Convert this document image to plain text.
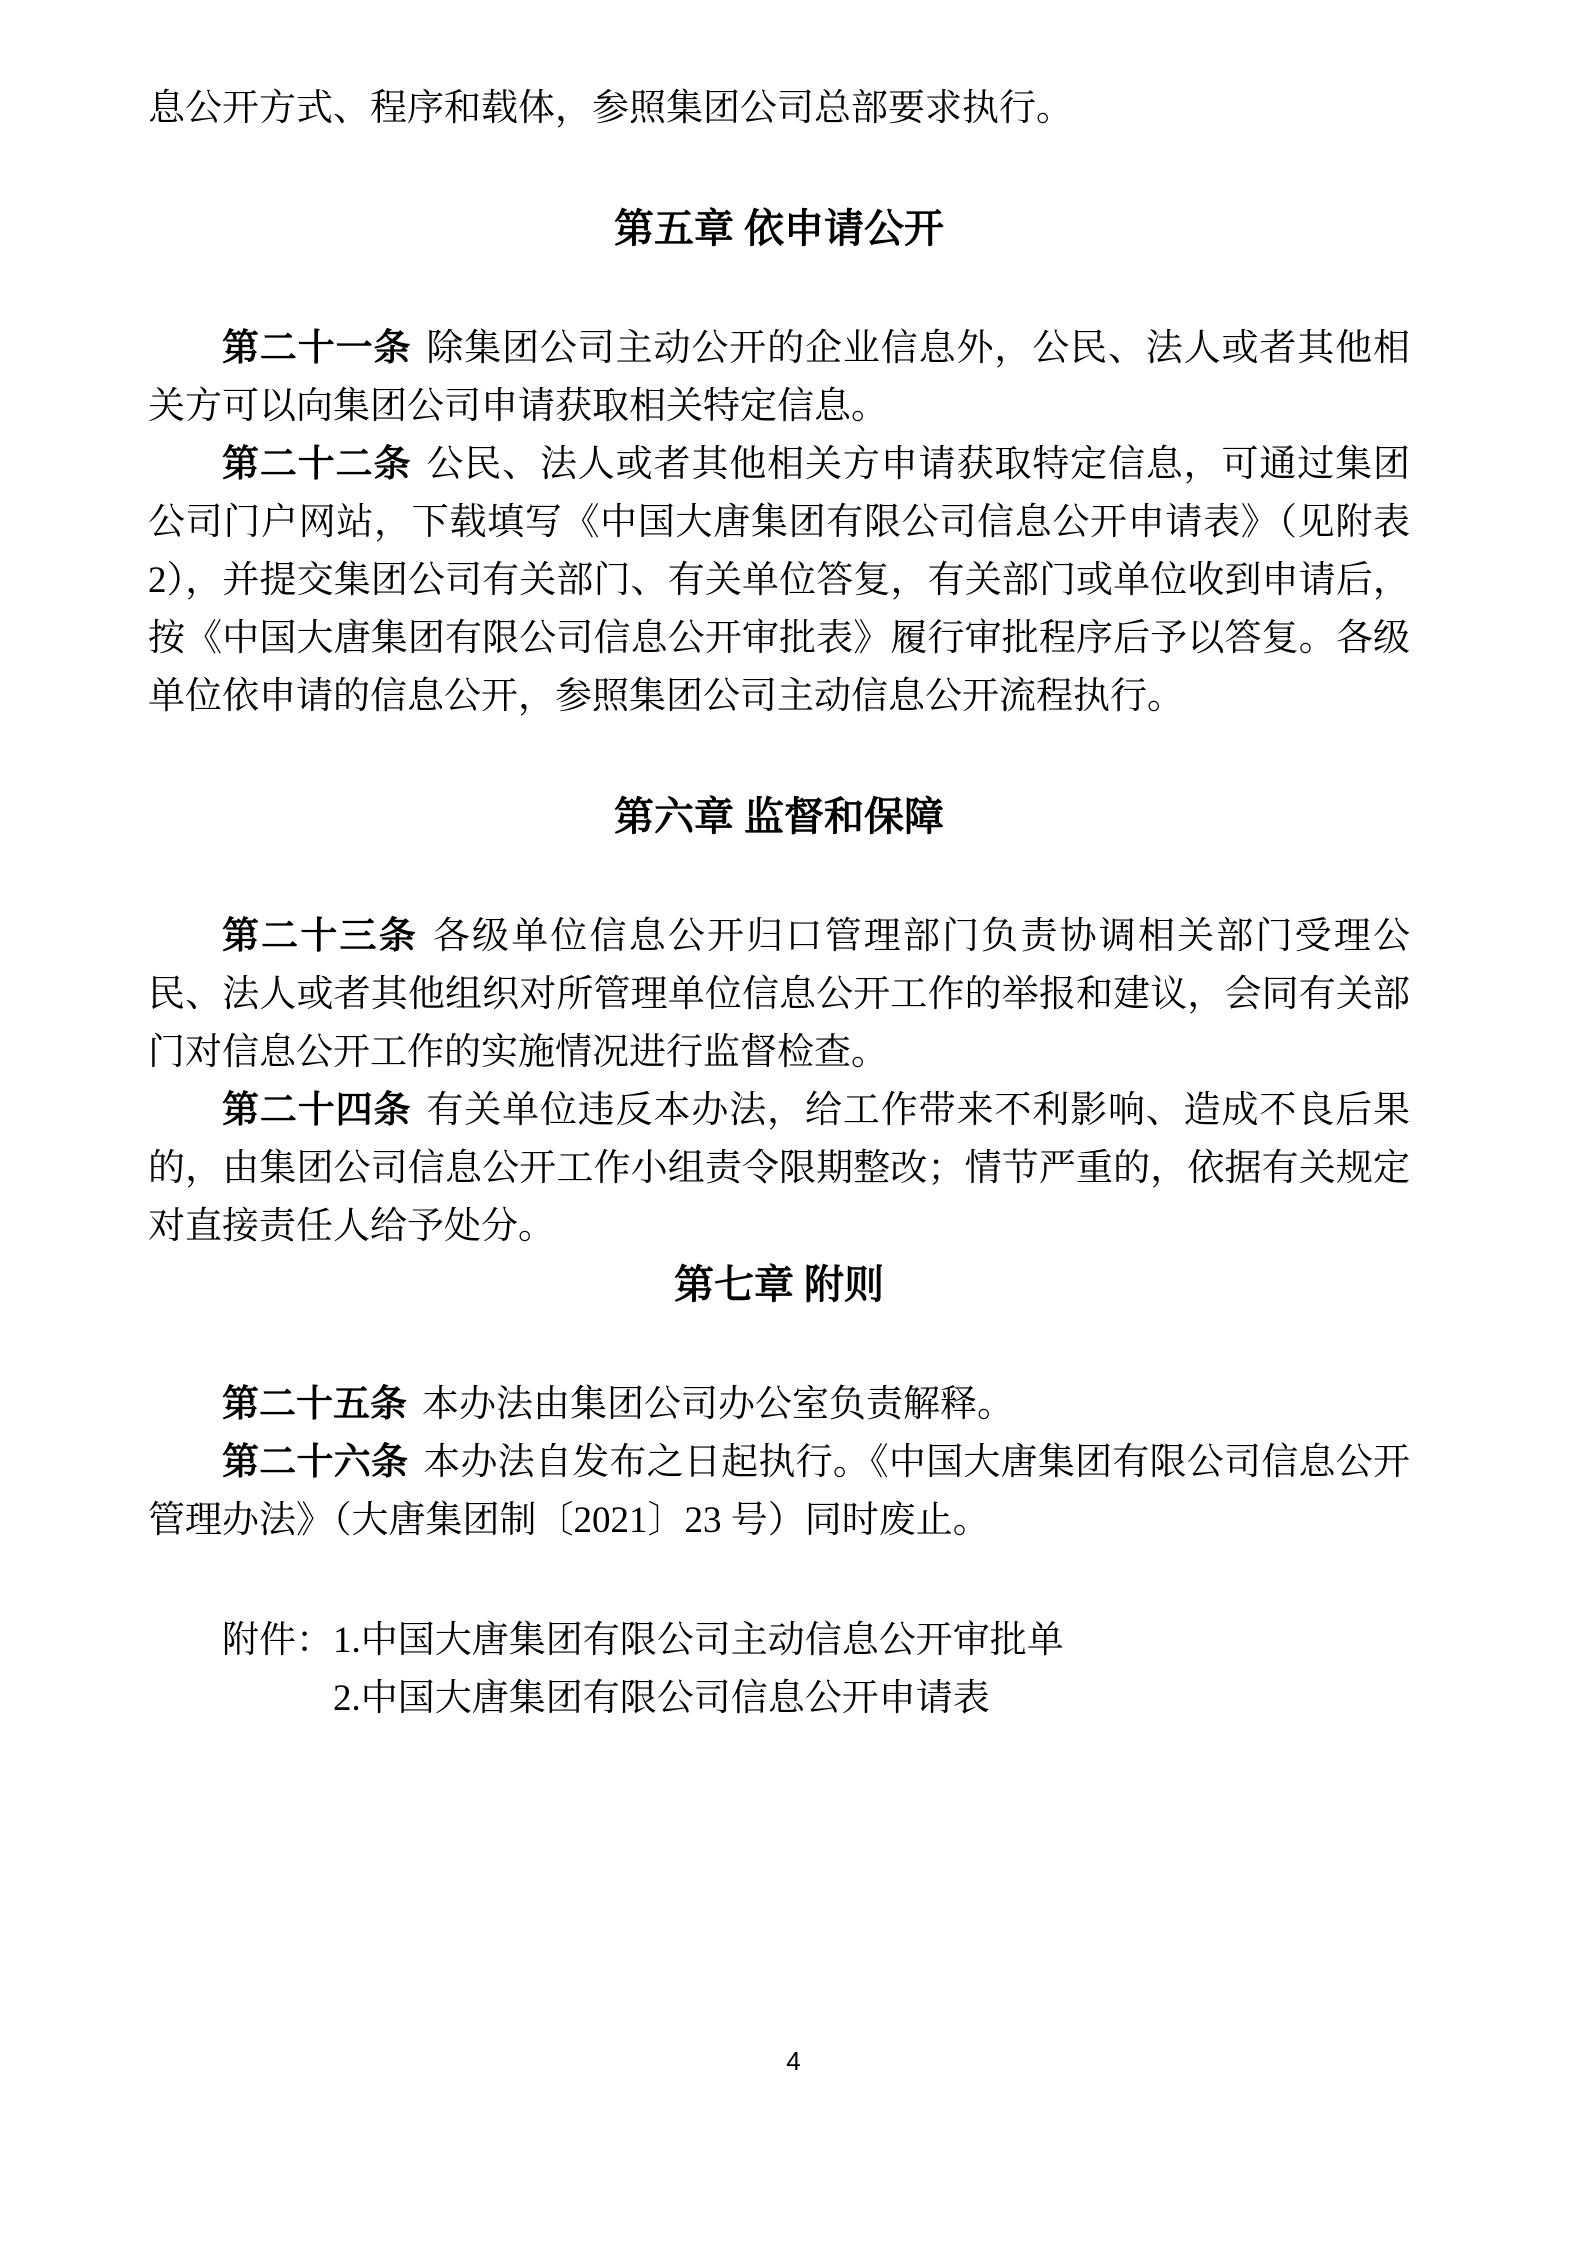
息公开方式、程序和载体，参照集团公司总部要求执行。

第五章 依申请公开

第二十一条 除集团公司主动公开的企业信息外，公民、法人或者其他相关方可以向集团公司申请获取相关特定信息。

第二十二条 公民、法人或者其他相关方申请获取特定信息，可通过集团公司门户网站，下载填写《中国大唐集团有限公司信息公开申请表》（见附表 2），并提交集团公司有关部门、有关单位答复，有关部门或单位收到申请后，按《中国大唐集团有限公司信息公开审批表》履行审批程序后予以答复。各级单位依申请的信息公开，参照集团公司主动信息公开流程执行。

第六章 监督和保障

第二十三条 各级单位信息公开归口管理部门负责协调相关部门受理公民、法人或者其他组织对所管理单位信息公开工作的举报和建议，会同有关部门对信息公开工作的实施情况进行监督检查。

第二十四条 有关单位违反本办法，给工作带来不利影响、造成不良后果的，由集团公司信息公开工作小组责令限期整改；情节严重的，依据有关规定对直接责任人给予处分。

第七章 附则

第二十五条 本办法由集团公司办公室负责解释。

第二十六条 本办法自发布之日起执行。《中国大唐集团有限公司信息公开管理办法》（大唐集团制〔2021〕23 号）同时废止。

附件： 1.中国大唐集团有限公司主动信息公开审批单
2.中国大唐集团有限公司信息公开申请表
4
